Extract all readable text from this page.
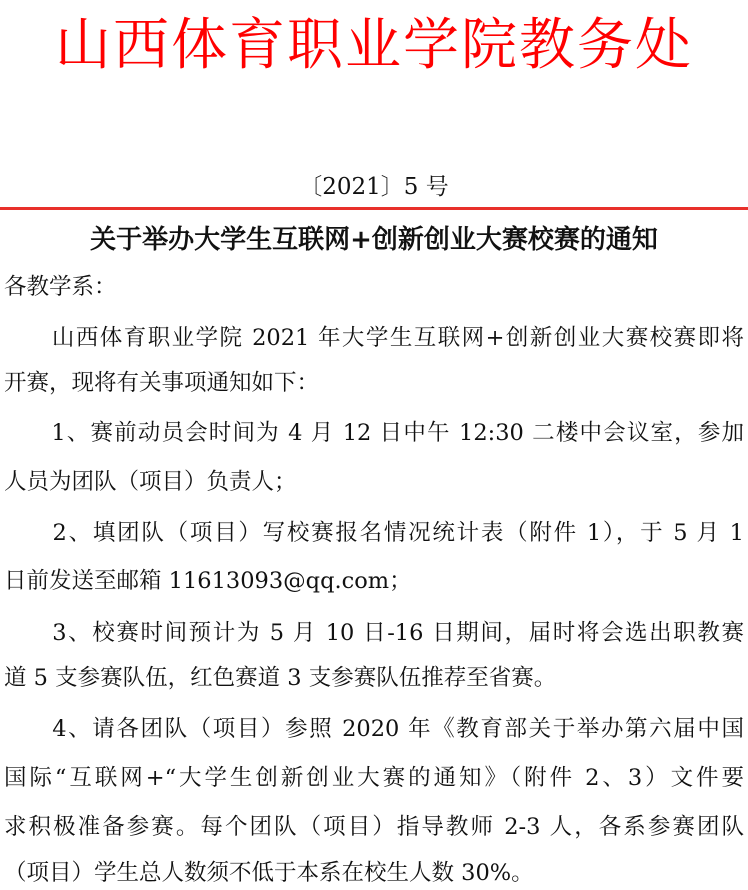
山西体育职业学院教务处
〔2021〕5 号
关于举办大学生互联网+创新创业大赛校赛的通知
各教学系：
　　山西体育职业学院 2021 年大学生互联网+创新创业大赛校赛即将
开赛，现将有关事项通知如下：
　　1、赛前动员会时间为 4 月 12 日中午 12:30 二楼中会议室，参加
人员为团队（项目）负责人；
　　2、填团队（项目）写校赛报名情况统计表（附件 1），于 5 月 1
日前发送至邮箱 11613093@qq.com；
　　3、校赛时间预计为 5 月 10 日-16 日期间，届时将会选出职教赛
道 5 支参赛队伍，红色赛道 3 支参赛队伍推荐至省赛。
　　4、请各团队（项目）参照 2020 年《教育部关于举办第六届中国
国际“互联网+“大学生创新创业大赛的通知》（附件 2、3）文件要
求积极准备参赛。每个团队（项目）指导教师 2-3 人，各系参赛团队
（项目）学生总人数须不低于本系在校生人数 30%。
